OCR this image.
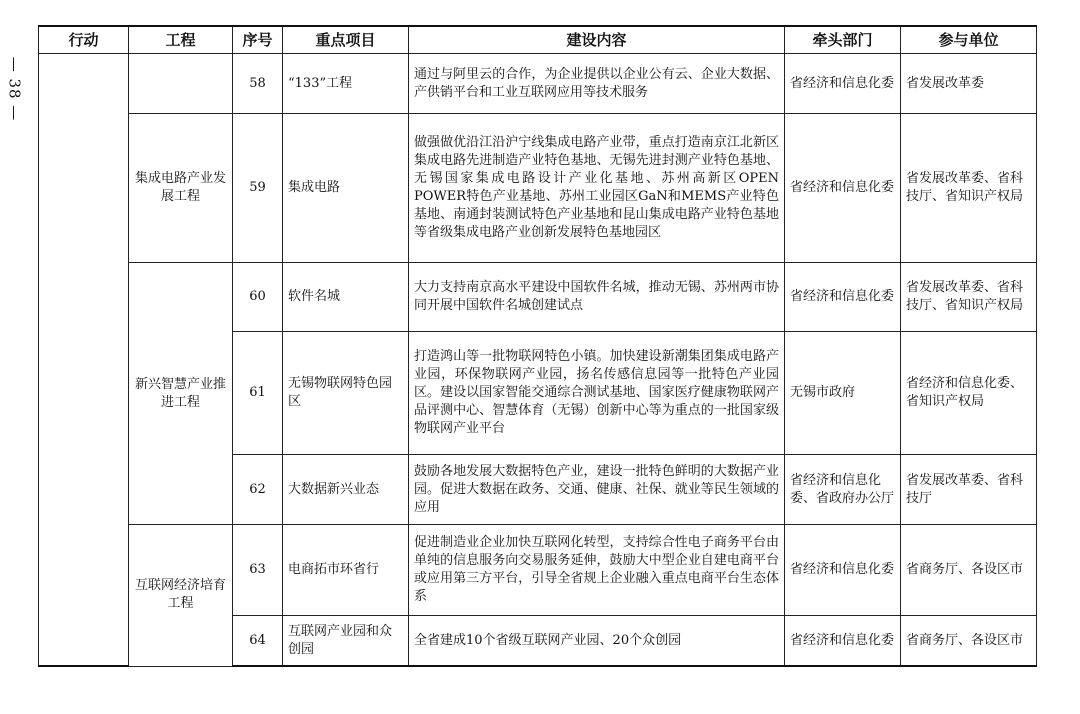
— 38 —
行动	工程	序号	重点项目	建设内容	牵头部门	参与单位
		58	“133”工程	通过与阿里云的合作，为企业提供以企业公有云、企业大数据、产供销平台和工业互联网应用等技术服务	省经济和信息化委	省发展改革委
	集成电路产业发展工程	59	集成电路	做强做优沿江沿沪宁线集成电路产业带，重点打造南京江北新区集成电路先进制造产业特色基地、无锡先进封测产业特色基地、无锡国家集成电路设计产业化基地、苏州高新区OPEN POWER特色产业基地、苏州工业园区GaN和MEMS产业特色基地、南通封装测试特色产业基地和昆山集成电路产业特色基地等省级集成电路产业创新发展特色基地园区	省经济和信息化委	省发展改革委、省科技厅、省知识产权局
	新兴智慧产业推进工程	60	软件名城	大力支持南京高水平建设中国软件名城，推动无锡、苏州两市协同开展中国软件名城创建试点	省经济和信息化委	省发展改革委、省科技厅、省知识产权局
		61	无锡物联网特色园区	打造鸿山等一批物联网特色小镇。加快建设新潮集团集成电路产业园，环保物联网产业园，扬名传感信息园等一批特色产业园区。建设以国家智能交通综合测试基地、国家医疗健康物联网产品评测中心、智慧体育（无锡）创新中心等为重点的一批国家级物联网产业平台	无锡市政府	省经济和信息化委、省知识产权局
		62	大数据新兴业态	鼓励各地发展大数据特色产业，建设一批特色鲜明的大数据产业园。促进大数据在政务、交通、健康、社保、就业等民生领域的应用	省经济和信息化委、省政府办公厅	省发展改革委、省科技厅
	互联网经济培育工程	63	电商拓市环省行	促进制造业企业加快互联网化转型，支持综合性电子商务平台由单纯的信息服务向交易服务延伸，鼓励大中型企业自建电商平台或应用第三方平台，引导全省规上企业融入重点电商平台生态体系	省经济和信息化委	省商务厅、各设区市
		64	互联网产业园和众创园	全省建成10个省级互联网产业园、20个众创园	省经济和信息化委	省商务厅、各设区市
